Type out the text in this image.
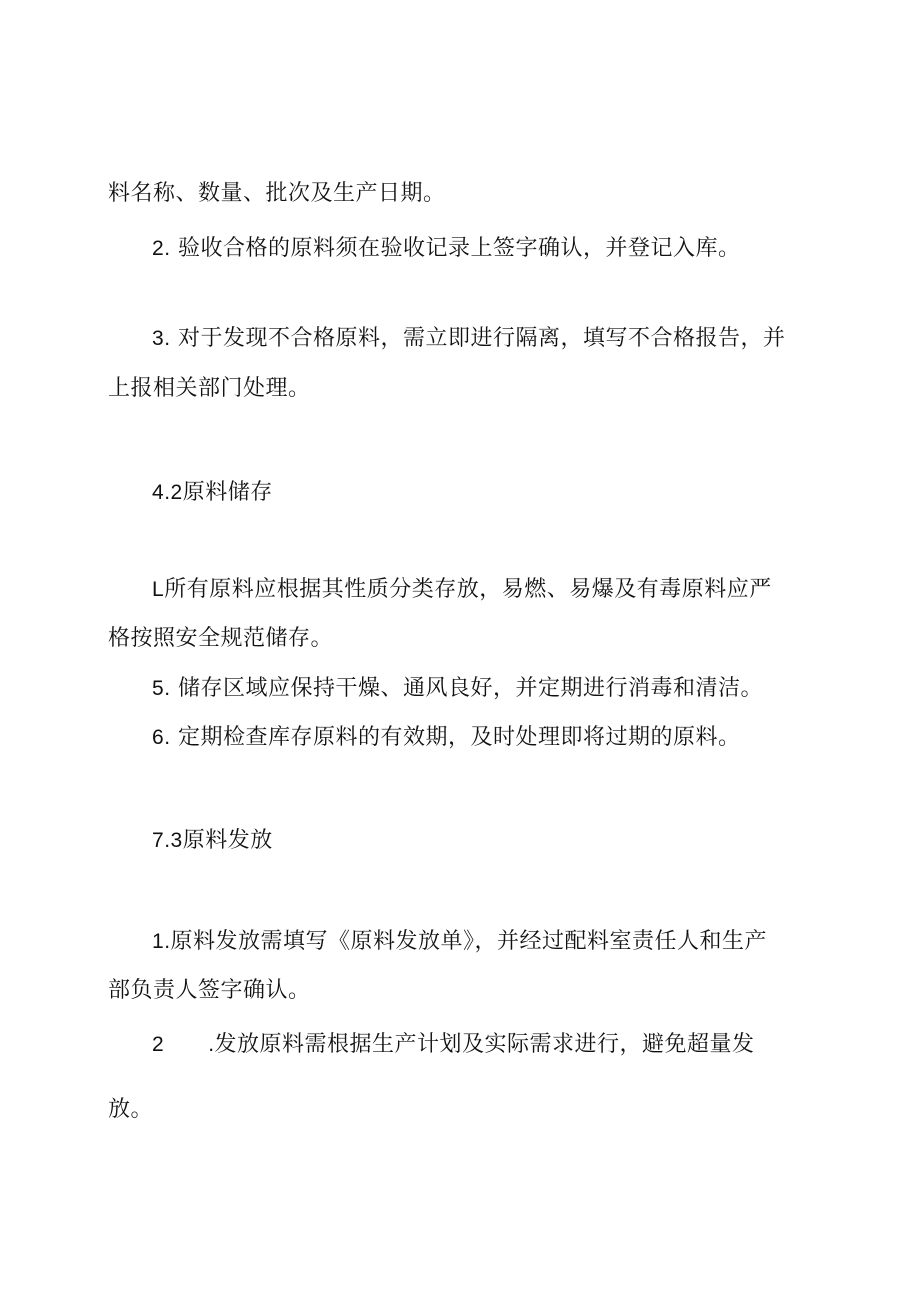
料名称、数量、批次及生产日期。
2. 验收合格的原料须在验收记录上签字确认，并登记入库。
3. 对于发现不合格原料，需立即进行隔离，填写不合格报告，并
上报相关部门处理。
4.2原料储存
L所有原料应根据其性质分类存放，易燃、易爆及有毒原料应严
格按照安全规范储存。
5. 储存区域应保持干燥、通风良好，并定期进行消毒和清洁。
6. 定期检查库存原料的有效期，及时处理即将过期的原料。
7.3原料发放
1.原料发放需填写《原料发放单》，并经过配料室责任人和生产
部负责人签字确认。
2 .发放原料需根据生产计划及实际需求进行，避免超量发
放。
